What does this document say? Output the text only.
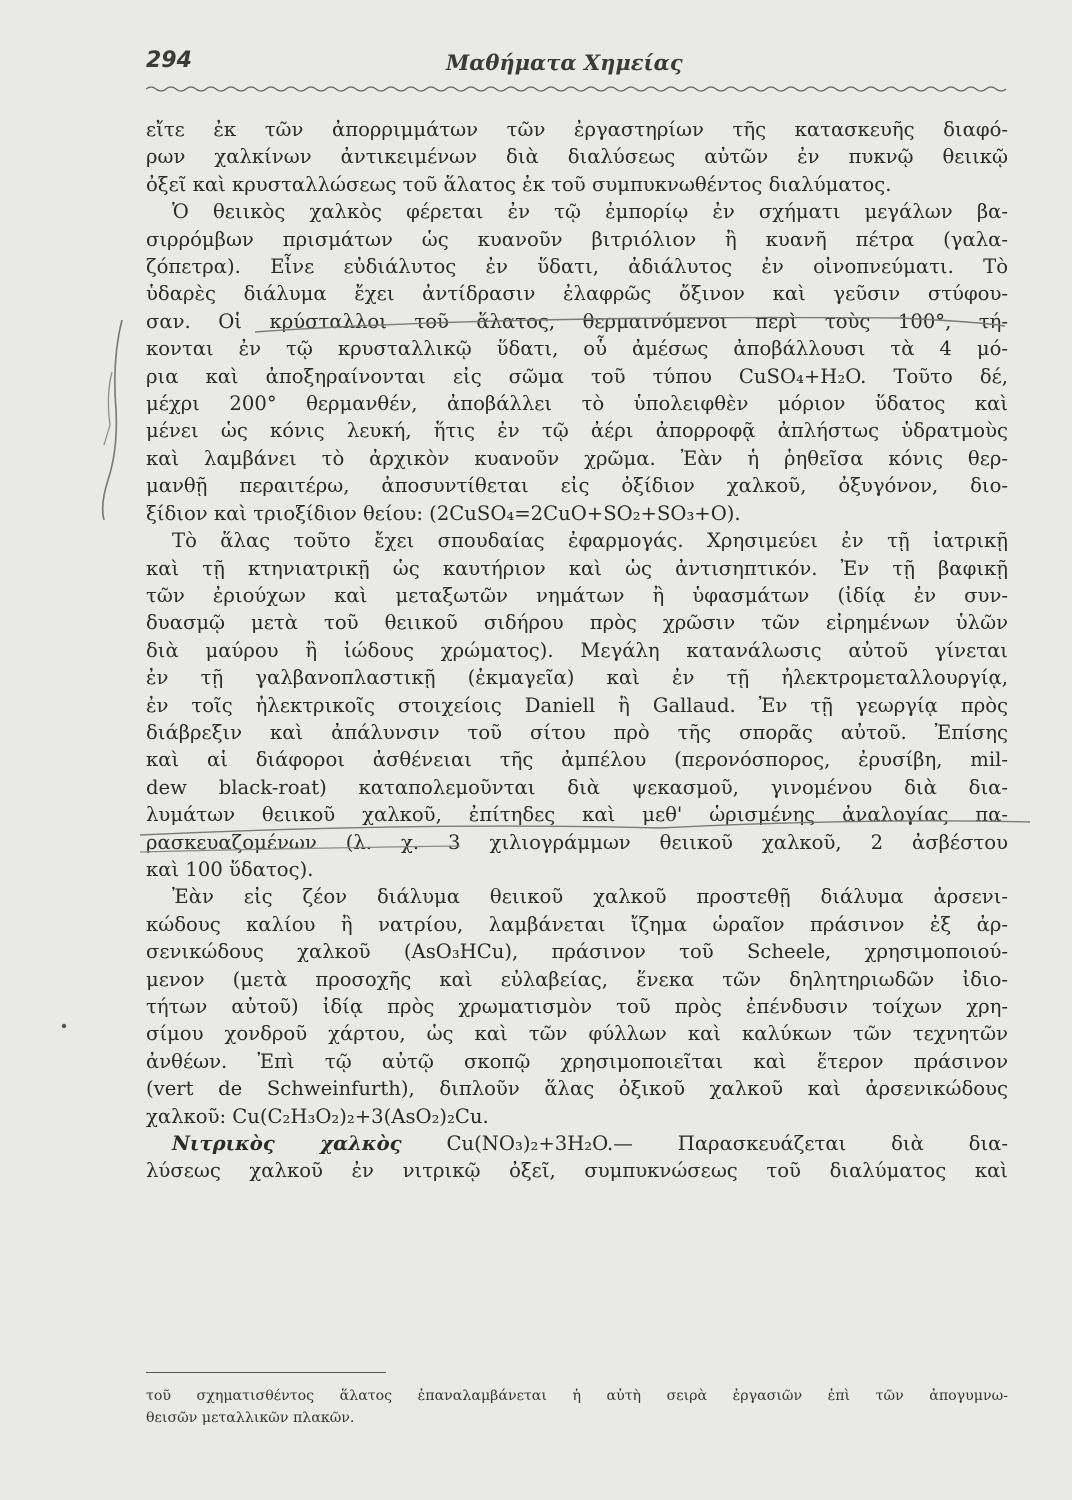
294	Μαθήματα Χημείας
εἴτε ἐκ τῶν ἀπορριμμάτων τῶν ἐργαστηρίων τῆς κατασκευῆς διαφό-
ρων χαλκίνων ἀντικειμένων διὰ διαλύσεως αὐτῶν ἐν πυκνῷ θειικῷ
ὀξεῖ καὶ κρυσταλλώσεως τοῦ ἅλατος ἐκ τοῦ συμπυκνωθέντος διαλύματος.
Ὁ θειικὸς χαλκὸς φέρεται ἐν τῷ ἐμπορίῳ ἐν σχήματι μεγάλων βα-
σιρρόμβων πρισμάτων ὡς κυανοῦν βιτριόλιον ἢ κυανῆ πέτρα (γαλα-
ζόπετρα). Εἶνε εὐδιάλυτος ἐν ὕδατι, ἀδιάλυτος ἐν οἰνοπνεύματι. Τὸ
ὑδαρὲς διάλυμα ἔχει ἀντίδρασιν ἐλαφρῶς ὄξινον καὶ γεῦσιν στύφου-
σαν. Οἱ κρύσταλλοι τοῦ ἅλατος, θερμαινόμενοι περὶ τοὺς 100°, τή-
κονται ἐν τῷ κρυσταλλικῷ ὕδατι, οὗ ἀμέσως ἀποβάλλουσι τὰ 4 μό-
ρια καὶ ἀποξηραίνονται εἰς σῶμα τοῦ τύπου CuSO₄+H₂O. Τοῦτο δέ,
μέχρι 200° θερμανθέν, ἀποβάλλει τὸ ὑπολειφθὲν μόριον ὕδατος καὶ
μένει ὡς κόνις λευκή, ἥτις ἐν τῷ ἀέρι ἀπορροφᾷ ἀπλήστως ὑδρατμοὺς
καὶ λαμβάνει τὸ ἀρχικὸν κυανοῦν χρῶμα. Ἐὰν ἡ ῥηθεῖσα κόνις θερ-
μανθῇ περαιτέρω, ἀποσυντίθεται εἰς ὀξίδιον χαλκοῦ, ὀξυγόνον, διο-
ξίδιον καὶ τριοξίδιον θείου: (2CuSO₄=2CuO+SO₂+SO₃+O).
Τὸ ἅλας τοῦτο ἔχει σπουδαίας ἐφαρμογάς. Χρησιμεύει ἐν τῇ ἰατρικῇ
καὶ τῇ κτηνιατρικῇ ὡς καυτήριον καὶ ὡς ἀντισηπτικόν. Ἐν τῇ βαφικῇ
τῶν ἐριούχων καὶ μεταξωτῶν νημάτων ἢ ὑφασμάτων (ἰδίᾳ ἐν συν-
δυασμῷ μετὰ τοῦ θειικοῦ σιδήρου πρὸς χρῶσιν τῶν εἰρημένων ὑλῶν
διὰ μαύρου ἢ ἰώδους χρώματος). Μεγάλη κατανάλωσις αὐτοῦ γίνεται
ἐν τῇ γαλβανοπλαστικῇ (ἐκμαγεῖα) καὶ ἐν τῇ ἠλεκτρομεταλλουργίᾳ,
ἐν τοῖς ἠλεκτρικοῖς στοιχείοις Daniell ἢ Gallaud. Ἐν τῇ γεωργίᾳ πρὸς
διάβρεξιν καὶ ἀπάλυνσιν τοῦ σίτου πρὸ τῆς σπορᾶς αὐτοῦ. Ἐπίσης
καὶ αἱ διάφοροι ἀσθένειαι τῆς ἀμπέλου (περονόσπορος, ἐρυσίβη, mil-
dew black-roat) καταπολεμοῦνται διὰ ψεκασμοῦ, γινομένου διὰ δια-
λυμάτων θειικοῦ χαλκοῦ, ἐπίτηδες καὶ μεθ' ὡρισμένης ἀναλογίας πα-
ρασκευαζομένων (λ. χ. 3 χιλιογράμμων θειικοῦ χαλκοῦ, 2 ἀσβέστου
καὶ 100 ὕδατος).
Ἐὰν εἰς ζέον διάλυμα θειικοῦ χαλκοῦ προστεθῇ διάλυμα ἀρσενι-
κώδους καλίου ἢ νατρίου, λαμβάνεται ἴζημα ὡραῖον πράσινον ἐξ ἀρ-
σενικώδους χαλκοῦ (AsO₃HCu), πράσινον τοῦ Scheele, χρησιμοποιού-
μενον (μετὰ προσοχῆς καὶ εὐλαβείας, ἕνεκα τῶν δηλητηριωδῶν ἰδιο-
τήτων αὐτοῦ) ἰδίᾳ πρὸς χρωματισμὸν τοῦ πρὸς ἐπένδυσιν τοίχων χρη-
σίμου χονδροῦ χάρτου, ὡς καὶ τῶν φύλλων καὶ καλύκων τῶν τεχνητῶν
ἀνθέων. Ἐπὶ τῷ αὐτῷ σκοπῷ χρησιμοποιεῖται καὶ ἕτερον πράσινον
(vert de Schweinfurth), διπλοῦν ἅλας ὀξικοῦ χαλκοῦ καὶ ἀρσενικώδους
χαλκοῦ: Cu(C₂H₃O₂)₂+3(AsO₂)₂Cu.
Νιτρικὸς χαλκὸς Cu(NO₃)₂+3H₂O.— Παρασκευάζεται διὰ δια-
λύσεως χαλκοῦ ἐν νιτρικῷ ὀξεῖ, συμπυκνώσεως τοῦ διαλύματος καὶ
τοῦ σχηματισθέντος ἅλατος ἐπαναλαμβάνεται ἡ αὐτὴ σειρὰ ἐργασιῶν ἐπὶ τῶν ἀπογυμνω-
θεισῶν μεταλλικῶν πλακῶν.
